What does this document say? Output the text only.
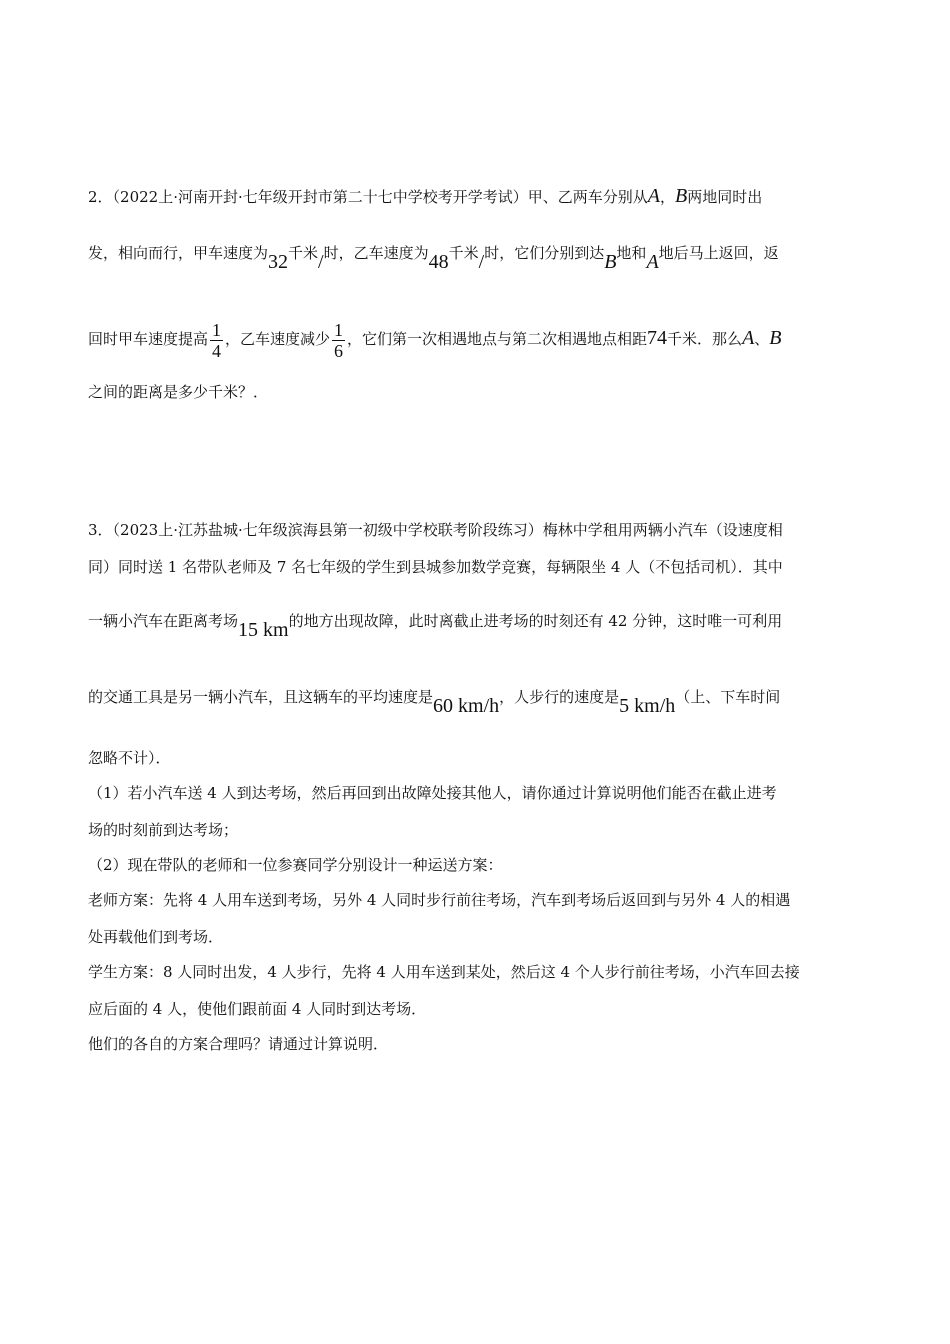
2．（2022上·河南开封·七年级开封市第二十七中学校考开学考试）甲、乙两车分别从A，B两地同时出
发，相向而行，甲车速度为32千米/时，乙车速度为48千米/时，它们分别到达B地和A地后马上返回，返
回时甲车速度提高 $\frac{1}{4}$ ，乙车速度减少 $\frac{1}{6}$ ，它们第一次相遇地点与第二次相遇地点相距74千米．那么A、B
之间的距离是多少千米？．
3．（2023上·江苏盐城·七年级滨海县第一初级中学校联考阶段练习）梅林中学租用两辆小汽车（设速度相
同）同时送 1 名带队老师及 7 名七年级的学生到县城参加数学竞赛，每辆限坐 4 人（不包括司机）．其中
一辆小汽车在距离考场15 km的地方出现故障，此时离截止进考场的时刻还有 42 分钟，这时唯一可利用
的交通工具是另一辆小汽车，且这辆车的平均速度是60 km/h，人步行的速度是5 km/h（上、下车时间
忽略不计）．
（1）若小汽车送 4 人到达考场，然后再回到出故障处接其他人，请你通过计算说明他们能否在截止进考
场的时刻前到达考场；
（2）现在带队的老师和一位参赛同学分别设计一种运送方案：
老师方案：先将 4 人用车送到考场，另外 4 人同时步行前往考场，汽车到考场后返回到与另外 4 人的相遇
处再载他们到考场．
学生方案：8 人同时出发，4 人步行，先将 4 人用车送到某处，然后这 4 个人步行前往考场，小汽车回去接
应后面的 4 人，使他们跟前面 4 人同时到达考场．
他们的各自的方案合理吗？请通过计算说明．
